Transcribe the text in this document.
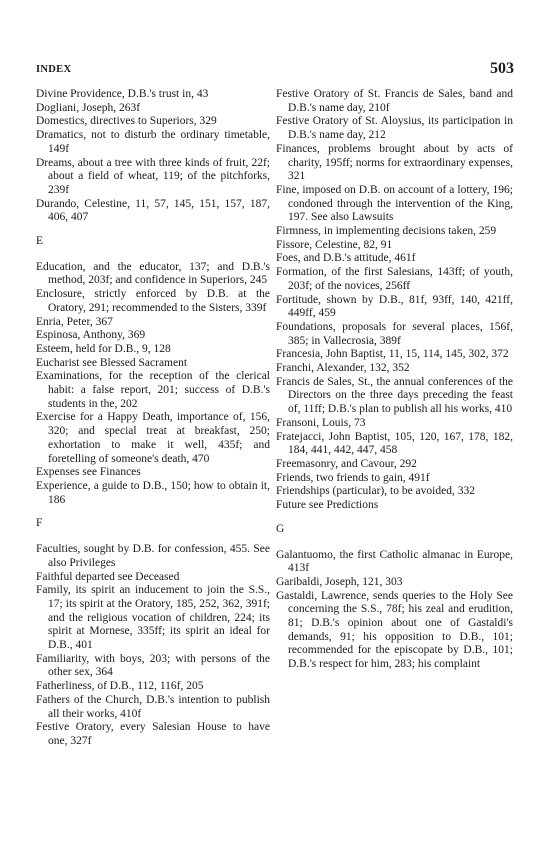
INDEX	503
Divine Providence, D.B.'s trust in, 43
Dogliani, Joseph, 263f
Domestics, directives to Superiors, 329
Dramatics, not to disturb the ordinary timetable, 149f
Dreams, about a tree with three kinds of fruit, 22f; about a field of wheat, 119; of the pitchforks, 239f
Durando, Celestine, 11, 57, 145, 151, 157, 187, 406, 407
E
Education, and the educator, 137; and D.B.'s method, 203f; and confidence in Superiors, 245
Enclosure, strictly enforced by D.B. at the Oratory, 291; recommended to the Sisters, 339f
Enria, Peter, 367
Espinosa, Anthony, 369
Esteem, held for D.B., 9, 128
Eucharist see Blessed Sacrament
Examinations, for the reception of the clerical habit: a false report, 201; success of D.B.'s students in the, 202
Exercise for a Happy Death, importance of, 156, 320; and special treat at breakfast, 250; exhortation to make it well, 435f; and foretelling of someone's death, 470
Expenses see Finances
Experience, a guide to D.B., 150; how to obtain it, 186
F
Faculties, sought by D.B. for confession, 455. See also Privileges
Faithful departed see Deceased
Family, its spirit an inducement to join the S.S., 17; its spirit at the Oratory, 185, 252, 362, 391f; and the religious vocation of children, 224; its spirit at Mornese, 335ff; its spirit an ideal for D.B., 401
Familiarity, with boys, 203; with persons of the other sex, 364
Fatherliness, of D.B., 112, 116f, 205
Fathers of the Church, D.B.'s intention to publish all their works, 410f
Festive Oratory, every Salesian House to have one, 327f
Festive Oratory of St. Francis de Sales, band and D.B.'s name day, 210f
Festive Oratory of St. Aloysius, its participation in D.B.'s name day, 212
Finances, problems brought about by acts of charity, 195ff; norms for extraordinary expenses, 321
Fine, imposed on D.B. on account of a lottery, 196; condoned through the intervention of the King, 197. See also Lawsuits
Firmness, in implementing decisions taken, 259
Fissore, Celestine, 82, 91
Foes, and D.B.'s attitude, 461f
Formation, of the first Salesians, 143ff; of youth, 203f; of the novices, 256ff
Fortitude, shown by D.B., 81f, 93ff, 140, 421ff, 449ff, 459
Foundations, proposals for several places, 156f, 385; in Vallecrosia, 389f
Francesia, John Baptist, 11, 15, 114, 145, 302, 372
Franchi, Alexander, 132, 352
Francis de Sales, St., the annual conferences of the Directors on the three days preceding the feast of, 11ff; D.B.'s plan to publish all his works, 410
Fransoni, Louis, 73
Fratejacci, John Baptist, 105, 120, 167, 178, 182, 184, 441, 442, 447, 458
Freemasonry, and Cavour, 292
Friends, two friends to gain, 491f
Friendships (particular), to be avoided, 332
Future see Predictions
G
Galantuomo, the first Catholic almanac in Europe, 413f
Garibaldi, Joseph, 121, 303
Gastaldi, Lawrence, sends queries to the Holy See concerning the S.S., 78f; his zeal and erudition, 81; D.B.'s opinion about one of Gastaldi's demands, 91; his opposition to D.B., 101; recommended for the episcopate by D.B., 101; D.B.'s respect for him, 283; his complaint
